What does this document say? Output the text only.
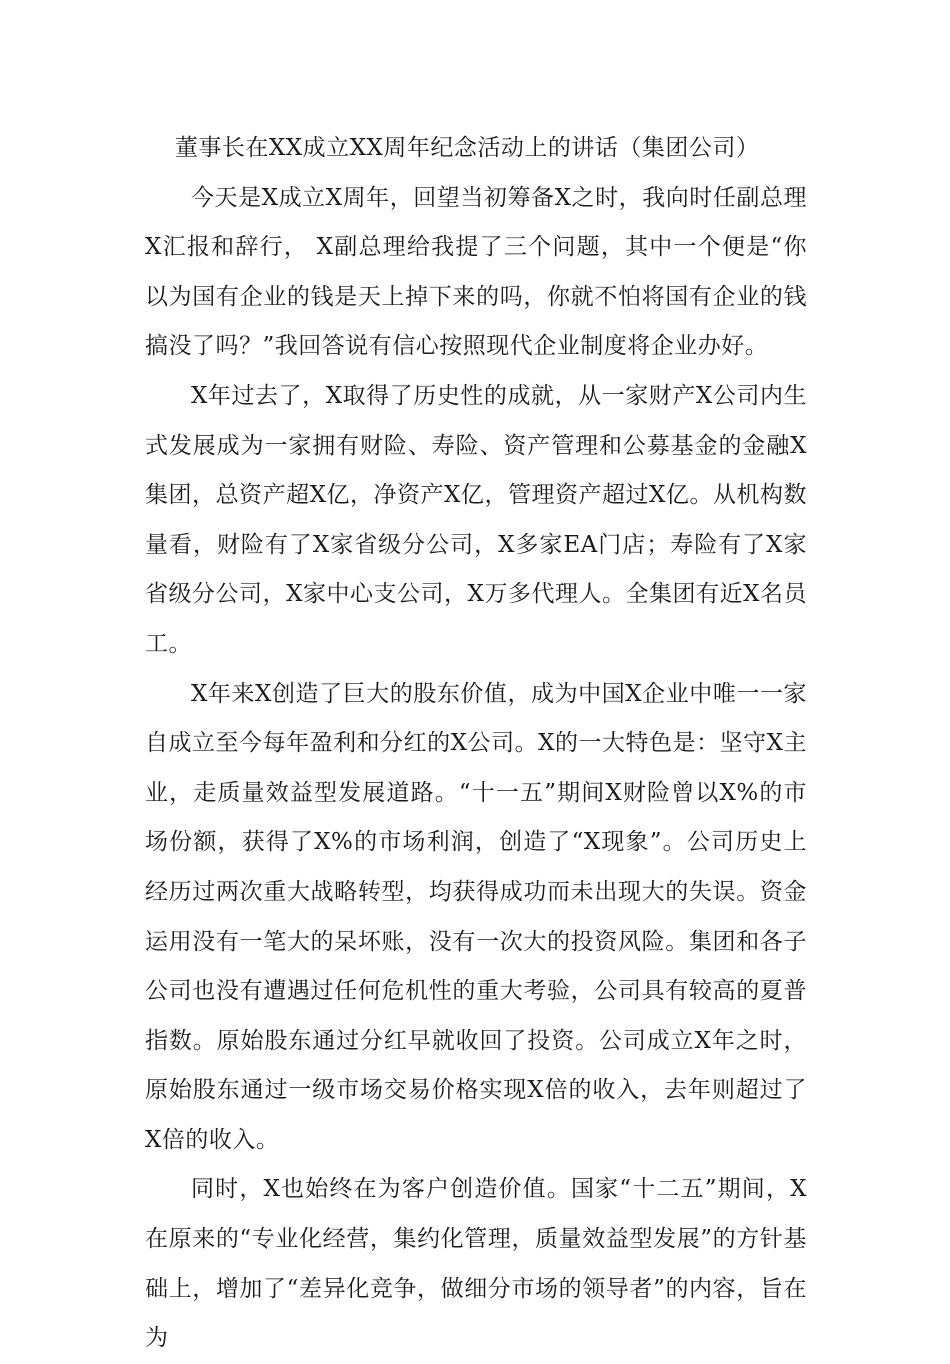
董事长在XX成立XX周年纪念活动上的讲话（集团公司）

今天是X成立X周年，回望当初筹备X之时，我向时任副总理X汇报和辞行， X副总理给我提了三个问题，其中一个便是“你以为国有企业的钱是天上掉下来的吗，你就不怕将国有企业的钱搞没了吗？”我回答说有信心按照现代企业制度将企业办好。

X年过去了，X取得了历史性的成就，从一家财产X公司内生式发展成为一家拥有财险、寿险、资产管理和公募基金的金融X集团，总资产超X亿，净资产X亿，管理资产超过X亿。从机构数量看，财险有了X家省级分公司，X多家EA门店；寿险有了X家省级分公司，X家中心支公司，X万多代理人。全集团有近X名员工。

X年来X创造了巨大的股东价值，成为中国X企业中唯一一家自成立至今每年盈利和分红的X公司。X的一大特色是：坚守X主业，走质量效益型发展道路。“十一五”期间X财险曾以X%的市场份额，获得了X%的市场利润，创造了“X现象”。公司历史上经历过两次重大战略转型，均获得成功而未出现大的失误。资金运用没有一笔大的呆坏账，没有一次大的投资风险。集团和各子公司也没有遭遇过任何危机性的重大考验，公司具有较高的夏普指数。原始股东通过分红早就收回了投资。公司成立X年之时，原始股东通过一级市场交易价格实现X倍的收入，去年则超过了X倍的收入。

同时，X也始终在为客户创造价值。国家“十二五”期间，X在原来的“专业化经营，集约化管理，质量效益型发展”的方针基础上，增加了“差异化竞争，做细分市场的领导者”的内容，旨在为
